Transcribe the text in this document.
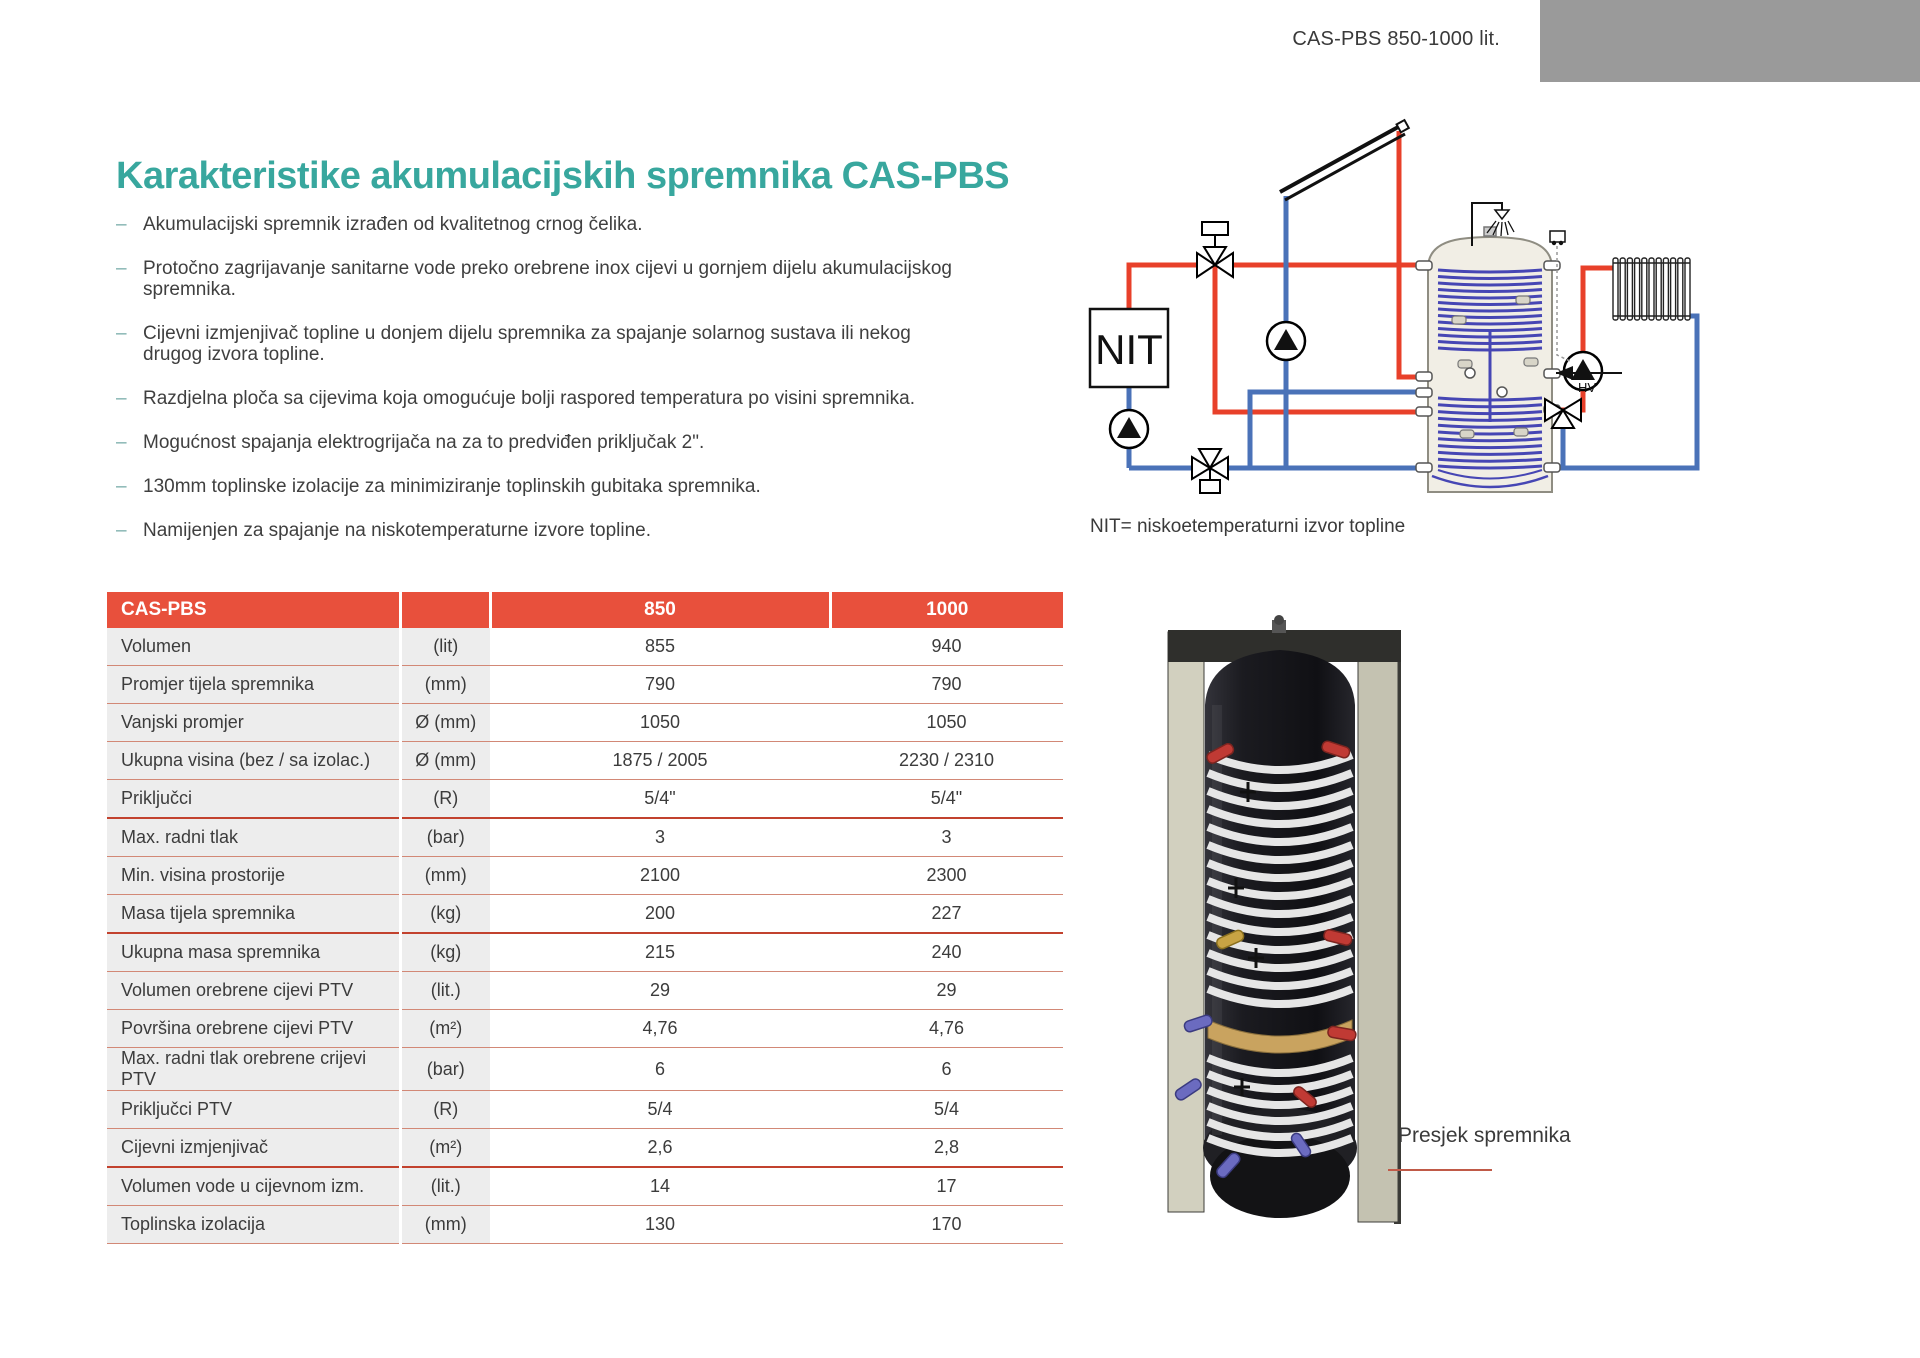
CAS-PBS 850-1000 lit.
Karakteristike akumulacijskih spremnika CAS-PBS
– Akumulacijski spremnik izrađen od kvalitetnog crnog čelika.
– Protočno zagrijavanje sanitarne vode preko orebrene inox cijevi u gornjem dijelu akumulacijskog spremnika.
– Cijevni izmjenjivač topline u donjem dijelu spremnika za spajanje solarnog sustava ili nekog drugog izvora topline.
– Razdjelna ploča sa cijevima koja omogućuje bolji raspored temperatura po visini spremnika.
– Mogućnost spajanja elektrogrijača na za to predviđen priključak 2".
– 130mm toplinske izolacije za minimiziranje toplinskih gubitaka spremnika.
– Namijenjen za spajanje na niskotemperaturne izvore topline.
CAS-PBS		850	1000
Volumen	(lit)	855	940
Promjer tijela spremnika	(mm)	790	790
Vanjski promjer	Ø (mm)	1050	1050
Ukupna visina (bez / sa izolac.)	Ø (mm)	1875 / 2005	2230 / 2310
Priključci	(R)	5/4"	5/4"
Max. radni tlak	(bar)	3	3
Min. visina prostorije	(mm)	2100	2300
Masa tijela spremnika	(kg)	200	227
Ukupna masa spremnika	(kg)	215	240
Volumen orebrene cijevi PTV	(lit.)	29	29
Površina orebrene cijevi PTV	(m²)	4,76	4,76
Max. radni tlak orebrene crijevi PTV	(bar)	6	6
Priključci PTV	(R)	5/4	5/4
Cijevni izmjenjivač	(m²)	2,6	2,8
Volumen vode u cijevnom izm.	(lit.)	14	17
Toplinska izolacija	(mm)	130	170
NIT
HV
NIT= niskoetemperaturni izvor topline
Presjek spremnika
